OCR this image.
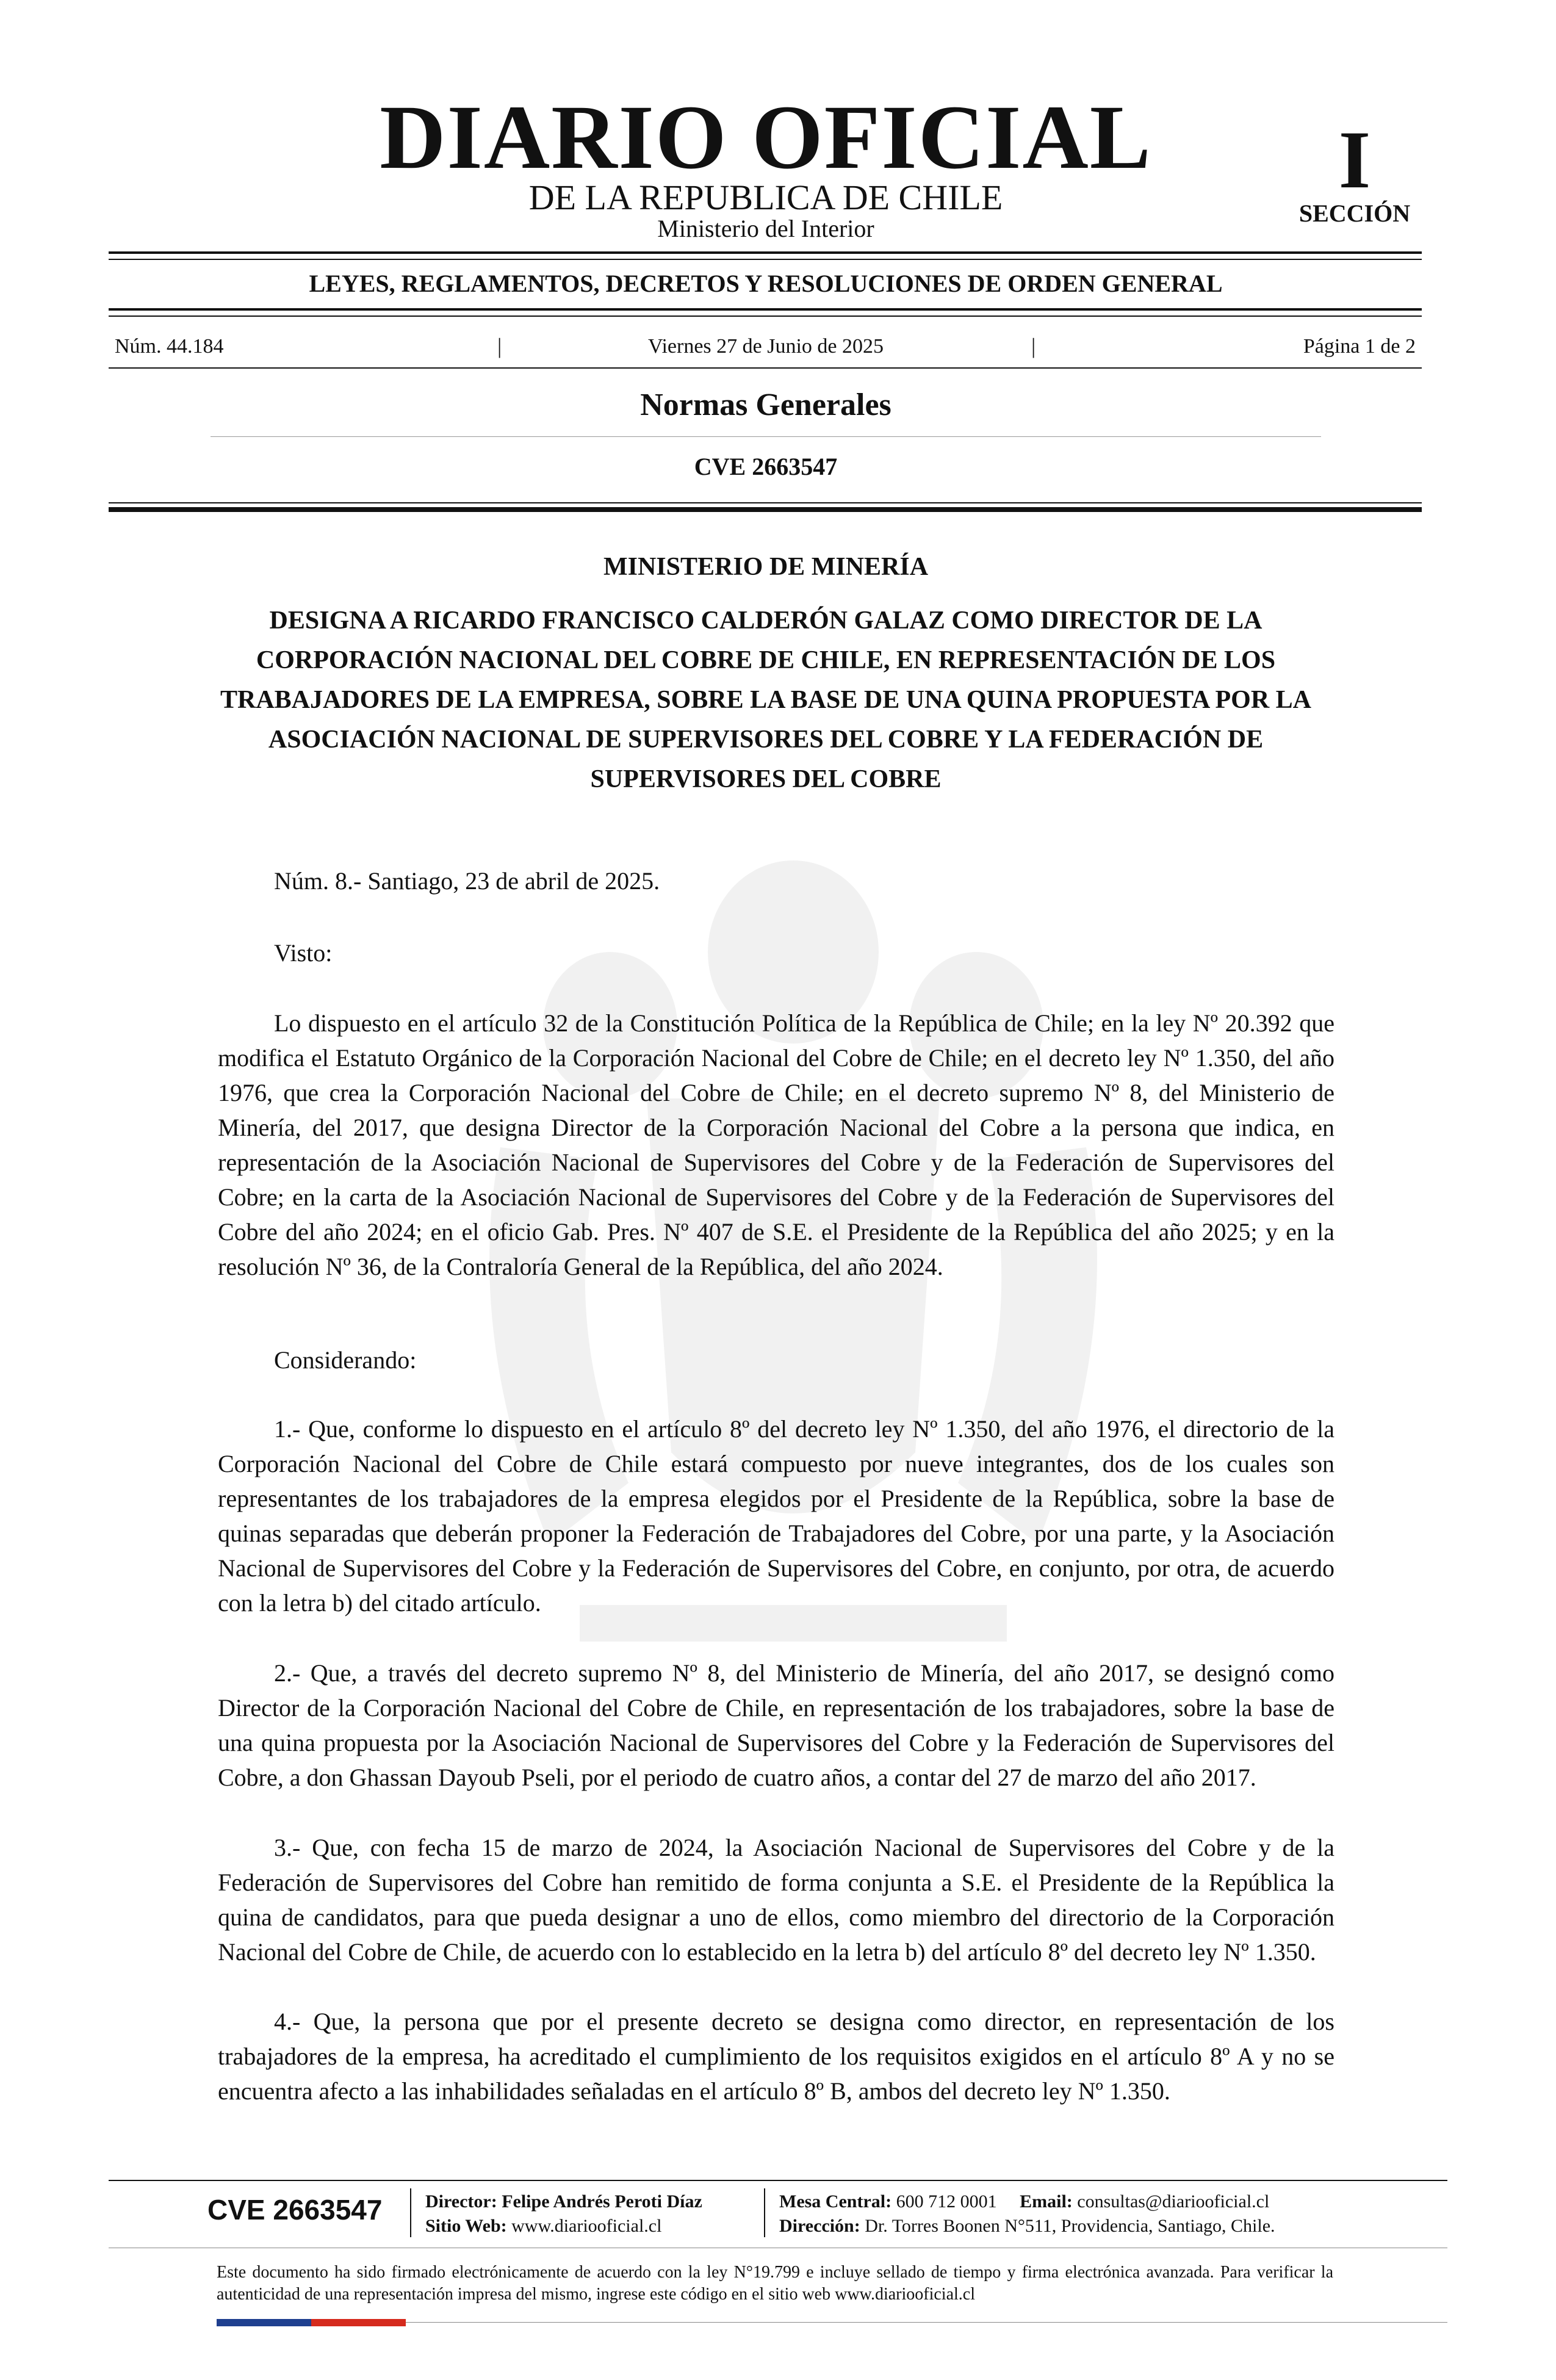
DIARIO OFICIAL
DE LA REPUBLICA DE CHILE
Ministerio del Interior
I
SECCIÓN
LEYES, REGLAMENTOS, DECRETOS Y RESOLUCIONES DE ORDEN GENERAL
Núm. 44.184	|	Viernes 27 de Junio de 2025	|	Página 1 de 2
Normas Generales
CVE 2663547
MINISTERIO DE MINERÍA
DESIGNA A RICARDO FRANCISCO CALDERÓN GALAZ COMO DIRECTOR DE LA CORPORACIÓN NACIONAL DEL COBRE DE CHILE, EN REPRESENTACIÓN DE LOS TRABAJADORES DE LA EMPRESA, SOBRE LA BASE DE UNA QUINA PROPUESTA POR LA ASOCIACIÓN NACIONAL DE SUPERVISORES DEL COBRE Y LA FEDERACIÓN DE SUPERVISORES DEL COBRE
Núm. 8.- Santiago, 23 de abril de 2025.
Visto:
Lo dispuesto en el artículo 32 de la Constitución Política de la República de Chile; en la ley Nº 20.392 que modifica el Estatuto Orgánico de la Corporación Nacional del Cobre de Chile; en el decreto ley Nº 1.350, del año 1976, que crea la Corporación Nacional del Cobre de Chile; en el decreto supremo Nº 8, del Ministerio de Minería, del 2017, que designa Director de la Corporación Nacional del Cobre a la persona que indica, en representación de la Asociación Nacional de Supervisores del Cobre y de la Federación de Supervisores del Cobre; en la carta de la Asociación Nacional de Supervisores del Cobre y de la Federación de Supervisores del Cobre del año 2024; en el oficio Gab. Pres. Nº 407 de S.E. el Presidente de la República del año 2025; y en la resolución Nº 36, de la Contraloría General de la República, del año 2024.
Considerando:
1.- Que, conforme lo dispuesto en el artículo 8º del decreto ley Nº 1.350, del año 1976, el directorio de la Corporación Nacional del Cobre de Chile estará compuesto por nueve integrantes, dos de los cuales son representantes de los trabajadores de la empresa elegidos por el Presidente de la República, sobre la base de quinas separadas que deberán proponer la Federación de Trabajadores del Cobre, por una parte, y la Asociación Nacional de Supervisores del Cobre y la Federación de Supervisores del Cobre, en conjunto, por otra, de acuerdo con la letra b) del citado artículo.
2.- Que, a través del decreto supremo Nº 8, del Ministerio de Minería, del año 2017, se designó como Director de la Corporación Nacional del Cobre de Chile, en representación de los trabajadores, sobre la base de una quina propuesta por la Asociación Nacional de Supervisores del Cobre y la Federación de Supervisores del Cobre, a don Ghassan Dayoub Pseli, por el periodo de cuatro años, a contar del 27 de marzo del año 2017.
3.- Que, con fecha 15 de marzo de 2024, la Asociación Nacional de Supervisores del Cobre y de la Federación de Supervisores del Cobre han remitido de forma conjunta a S.E. el Presidente de la República la quina de candidatos, para que pueda designar a uno de ellos, como miembro del directorio de la Corporación Nacional del Cobre de Chile, de acuerdo con lo establecido en la letra b) del artículo 8º del decreto ley Nº 1.350.
4.- Que, la persona que por el presente decreto se designa como director, en representación de los trabajadores de la empresa, ha acreditado el cumplimiento de los requisitos exigidos en el artículo 8º A y no se encuentra afecto a las inhabilidades señaladas en el artículo 8º B, ambos del decreto ley Nº 1.350.
CVE 2663547 Director: Felipe Andrés Peroti Díaz
Sitio Web: www.diariooficial.cl
Mesa Central: 600 712 0001 Email: consultas@diariooficial.cl
Dirección: Dr. Torres Boonen N°511, Providencia, Santiago, Chile.
Este documento ha sido firmado electrónicamente de acuerdo con la ley N°19.799 e incluye sellado de tiempo y firma electrónica avanzada. Para verificar la autenticidad de una representación impresa del mismo, ingrese este código en el sitio web www.diariooficial.cl
